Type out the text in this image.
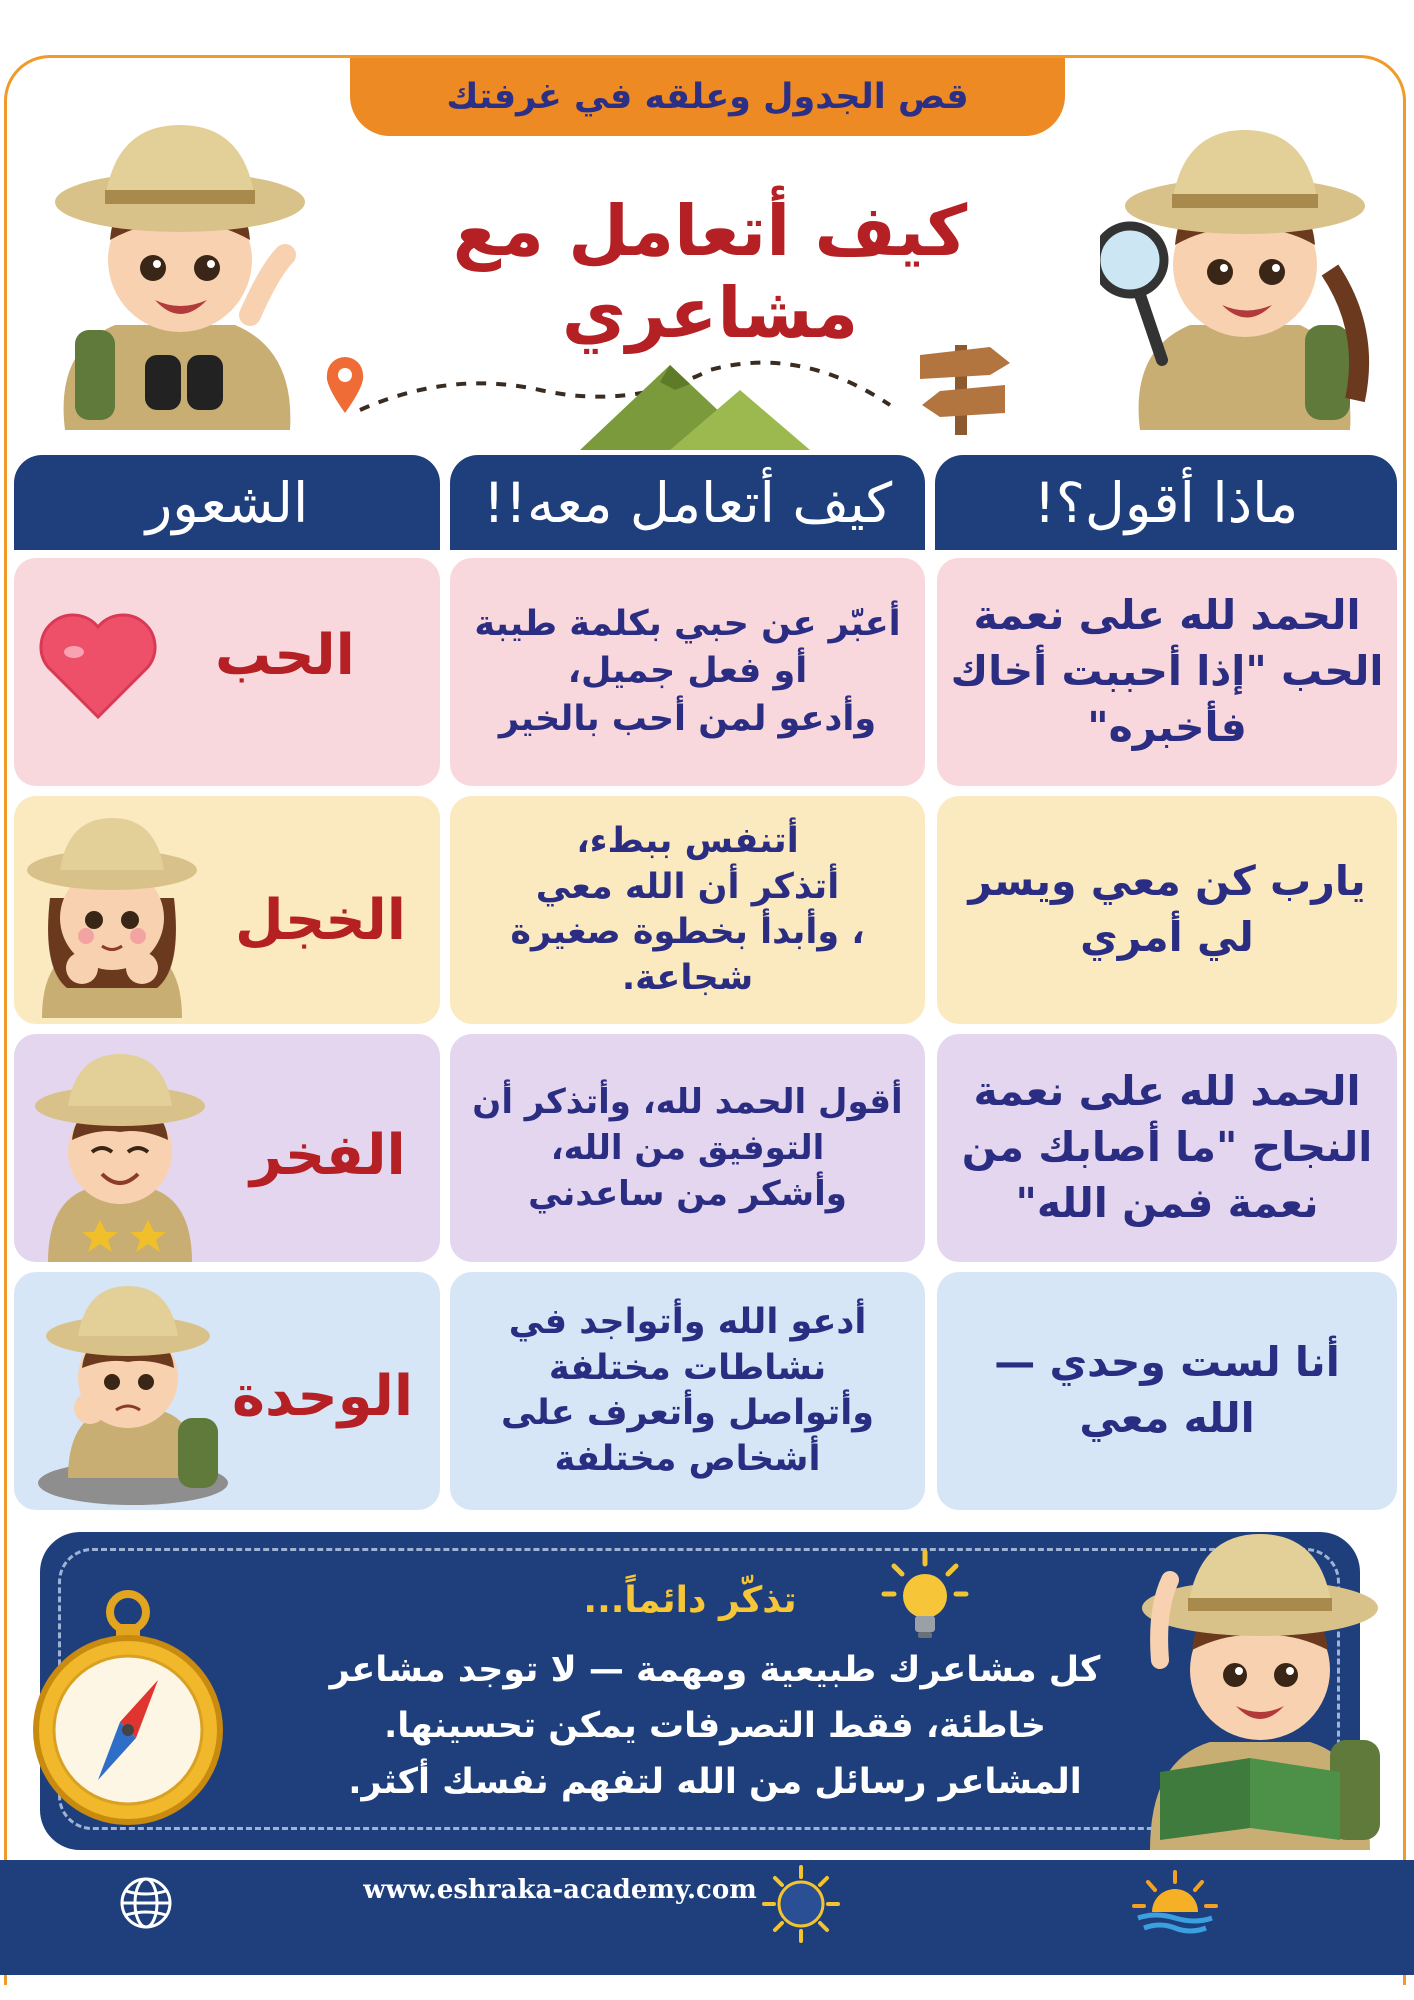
قص الجدول وعلقه في غرفتك
كيف أتعامل مع مشاعري
ماذا أقول؟!
كيف أتعامل معه!!
الشعور
الحمد لله على نعمة
الحب "إذا أحببت أخاك
فأخبره"
أعبّر عن حبي بكلمة طيبة
أو فعل جميل،
وأدعو لمن أحب بالخير
الحب
يارب كن معي ويسر
لي أمري
أتنفس ببطء،
أتذكر أن الله معي
، وأبدأ بخطوة صغيرة
شجاعة.
الخجل
الحمد لله على نعمة
النجاح "ما أصابك من
نعمة فمن الله"
أقول الحمد لله، وأتذكر أن
التوفيق من الله،
وأشكر من ساعدني
الفخر
أنا لست وحدي —
الله معي
أدعو الله وأتواجد في
نشاطات مختلفة
وأتواصل وأتعرف على
أشخاص مختلفة
الوحدة
تذكّر دائماً...
كل مشاعرك طبيعية ومهمة — لا توجد مشاعر خاطئة، فقط التصرفات يمكن تحسينها. المشاعر رسائل من الله لتفهم نفسك أكثر.
www.eshraka-academy.com
